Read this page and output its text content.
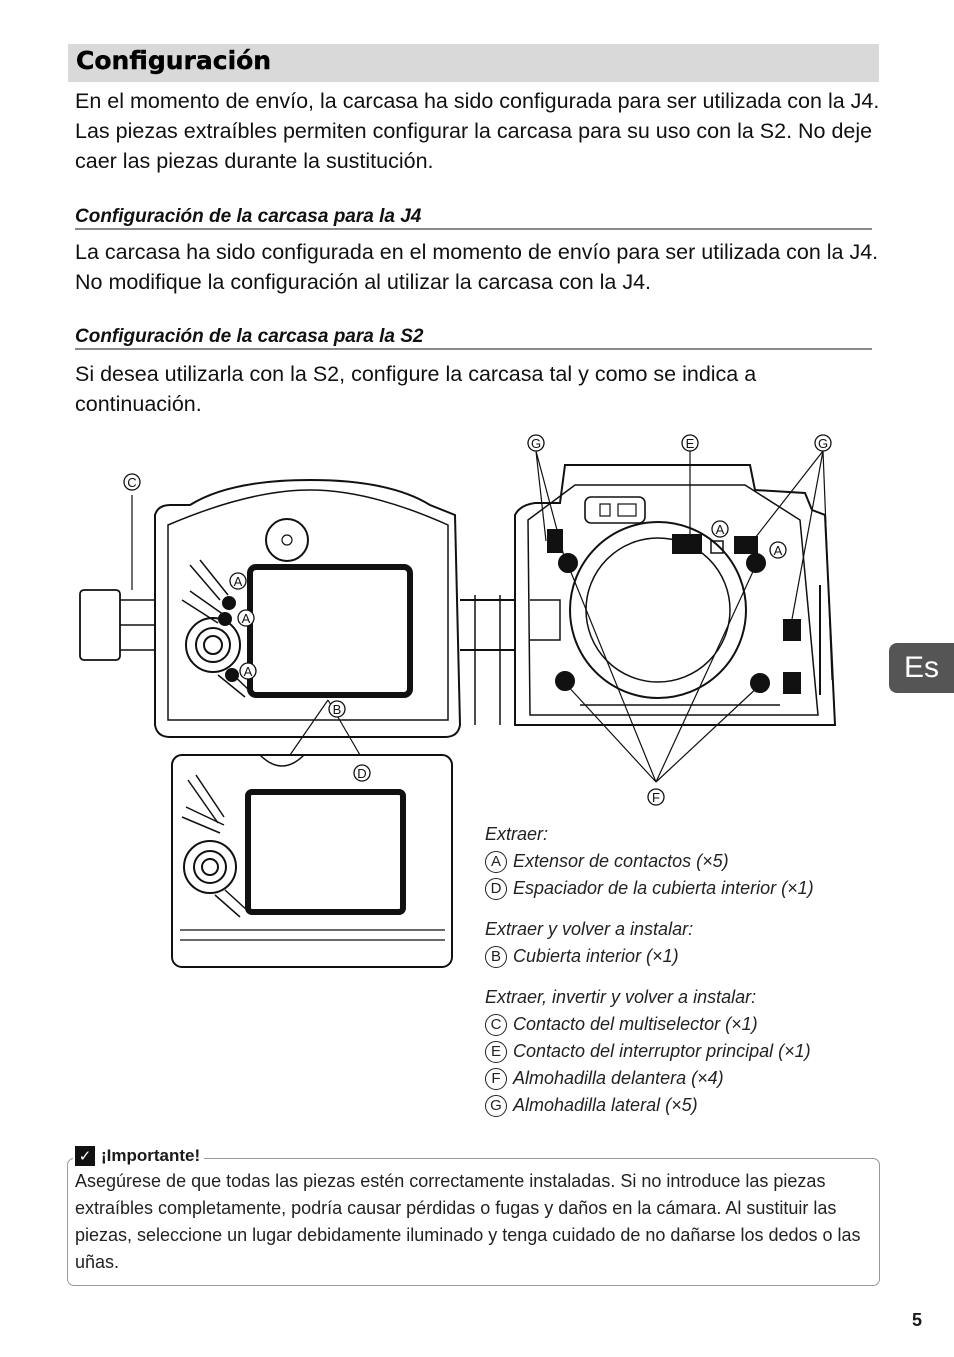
Configuración

En el momento de envío, la carcasa ha sido configurada para ser utilizada con la J4. Las piezas extraíbles permiten configurar la carcasa para su uso con la S2. No deje caer las piezas durante la sustitución.

Configuración de la carcasa para la J4

La carcasa ha sido configurada en el momento de envío para ser utilizada con la J4. No modifique la configuración al utilizar la carcasa con la J4.

Configuración de la carcasa para la S2

Si desea utilizarla con la S2, configure la carcasa tal y como se indica a continuación.

Es
C
G	E	G
A
A
A
A
A
B
D
F
Extraer:
A Extensor de contactos (×5)
D Espaciador de la cubierta interior (×1)
Extraer y volver a instalar:
B Cubierta interior (×1)
Extraer, invertir y volver a instalar:
C Contacto del multiselector (×1)
E Contacto del interruptor principal (×1)
F Almohadilla delantera (×4)
G Almohadilla lateral (×5)
✓ ¡Importante!

Asegúrese de que todas las piezas estén correctamente instaladas. Si no introduce las piezas extraíbles completamente, podría causar pérdidas o fugas y daños en la cámara. Al sustituir las piezas, seleccione un lugar debidamente iluminado y tenga cuidado de no dañarse los dedos o las uñas.

5
